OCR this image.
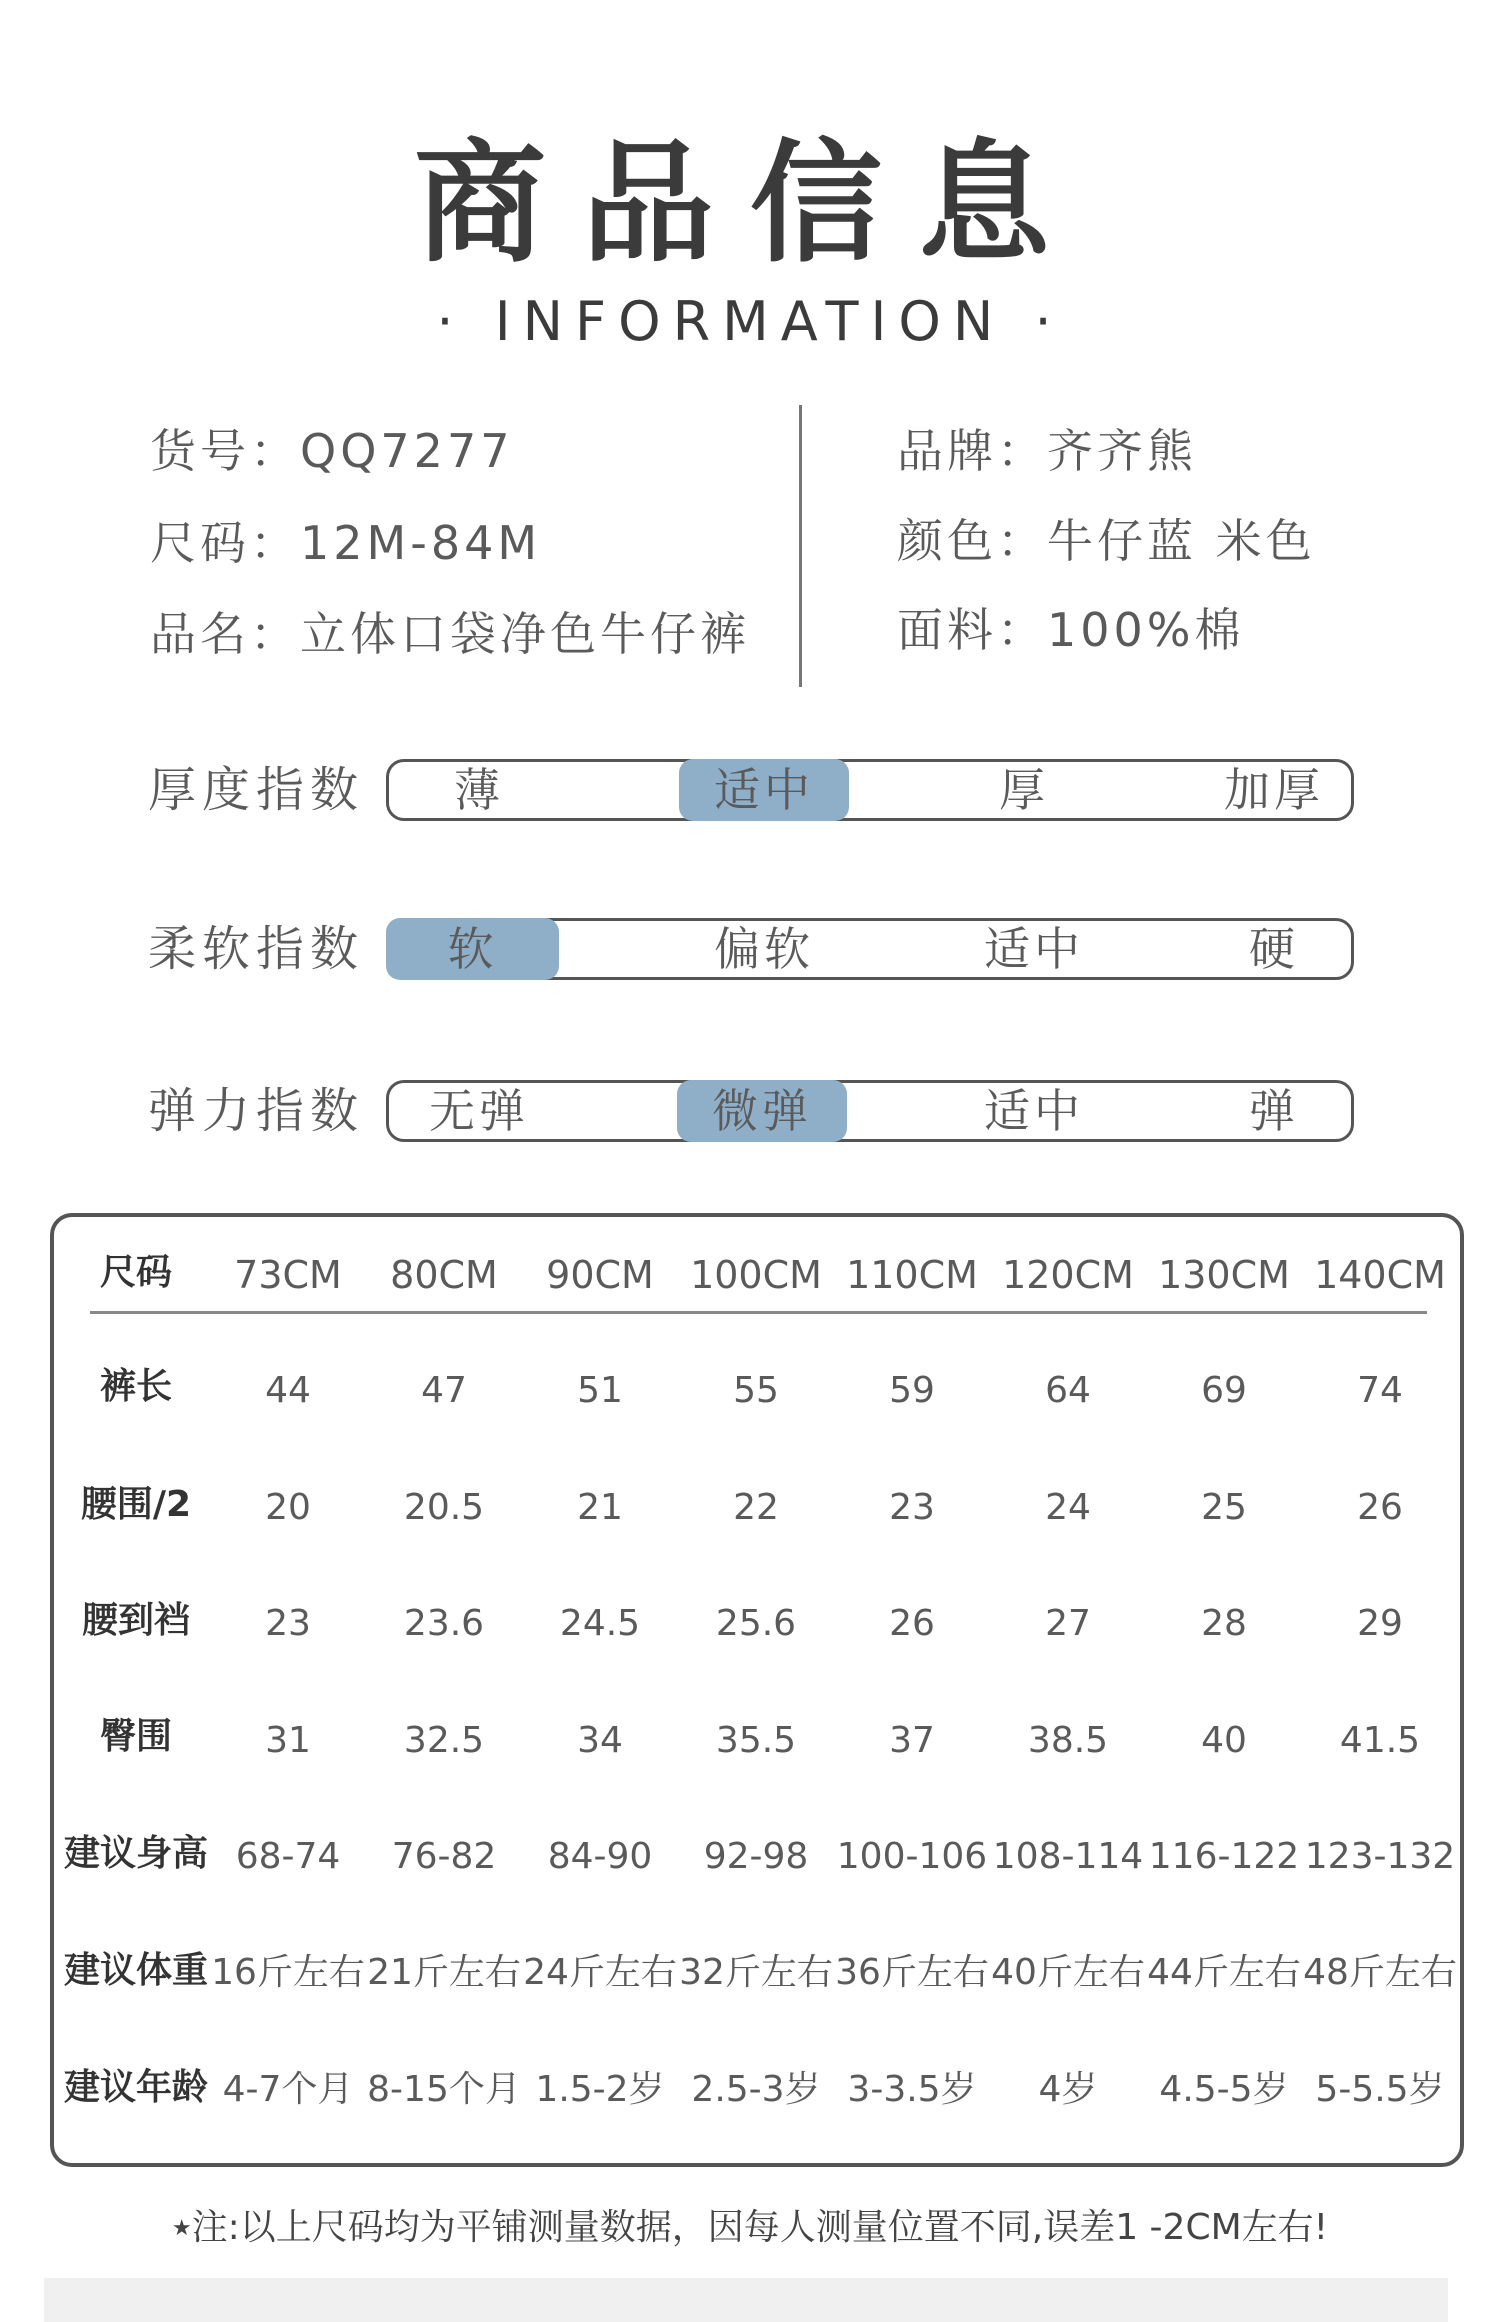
商品信息
· INFORMATION ·
货号：QQ7277
尺码：12M-84M
品名：立体口袋净色牛仔裤
品牌：齐齐熊
颜色：牛仔蓝 米色
面料：100%棉
厚度指数	薄	适中	厚	加厚
柔软指数	软	偏软	适中	硬
弹力指数	无弹	微弹	适中	弹
尺码	73CM	80CM	90CM 100CM 110CM 120CM 130CM 140CM
裤长	44	47	51	55	59	64	69	74
腰围/2	20	20.5	21	22	23	24	25	26
腰到裆	23	23.6	24.5	25.6	26	27	28	29
臀围	31	32.5	34	35.5	37	38.5	40	41.5
建议身高 68-74	76-82	84-90	92-98 100-106 108-114 116-122 123-132
建议体重 16斤左右 21斤左右 24斤左右 32斤左右 36斤左右 40斤左右 44斤左右 48斤左右
建议年龄 4-7个月 8-15个月 1.5-2岁 2.5-3岁 3-3.5岁	4岁	4.5-5岁 5-5.5岁
★注:以上尺码均为平铺测量数据，因每人测量位置不同,误差1 -2CM左右!
